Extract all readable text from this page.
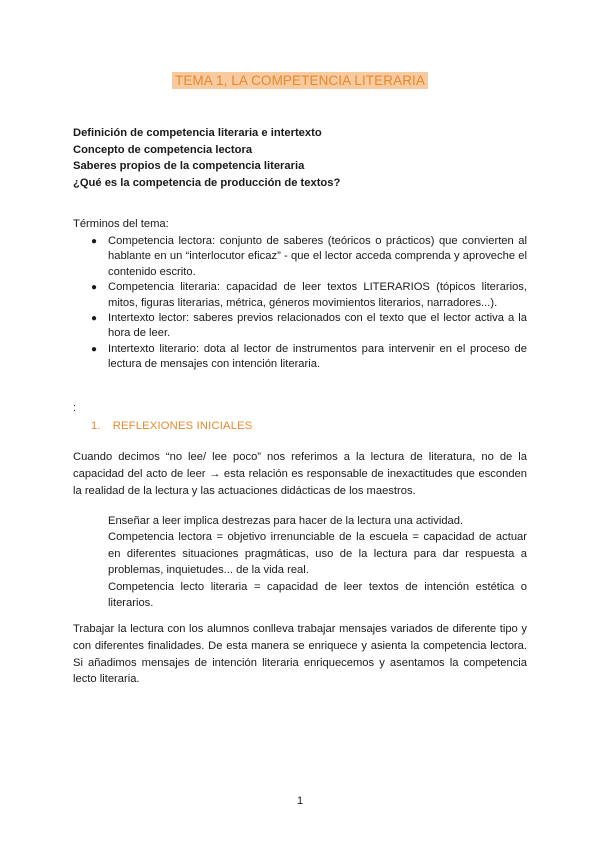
TEMA 1, LA COMPETENCIA LITERARIA

Definición de competencia literaria e intertexto

Concepto de competencia lectora

Saberes propios de la competencia literaria

¿Qué es la competencia de producción de textos?

Términos del tema:

● Competencia lectora: conjunto de saberes (teóricos o prácticos) que convierten al hablante en un “interlocutor eficaz” - que el lector acceda comprenda y aproveche el contenido escrito.
● Competencia literaria: capacidad de leer textos LITERARIOS (tópicos literarios, mitos, figuras literarias, métrica, géneros movimientos literarios, narradores...).
● Intertexto lector: saberes previos relacionados con el texto que el lector activa a la hora de leer.
● Intertexto literario: dota al lector de instrumentos para intervenir en el proceso de lectura de mensajes con intención literaria.

:

1. REFLEXIONES INICIALES

Cuando decimos “no lee/ lee poco” nos referimos a la lectura de literatura, no de la capacidad del acto de leer → esta relación es responsable de inexactitudes que esconden la realidad de la lectura y las actuaciones didácticas de los maestros.

Enseñar a leer implica destrezas para hacer de la lectura una actividad.

Competencia lectora = objetivo irrenunciable de la escuela = capacidad de actuar en diferentes situaciones pragmáticas, uso de la lectura para dar respuesta a problemas, inquietudes... de la vida real.

Competencia lecto literaria = capacidad de leer textos de intención estética o literarios.

Trabajar la lectura con los alumnos conlleva trabajar mensajes variados de diferente tipo y con diferentes finalidades. De esta manera se enriquece y asienta la competencia lectora. Si añadimos mensajes de intención literaria enriquecemos y asentamos la competencia lecto literaria.

1
